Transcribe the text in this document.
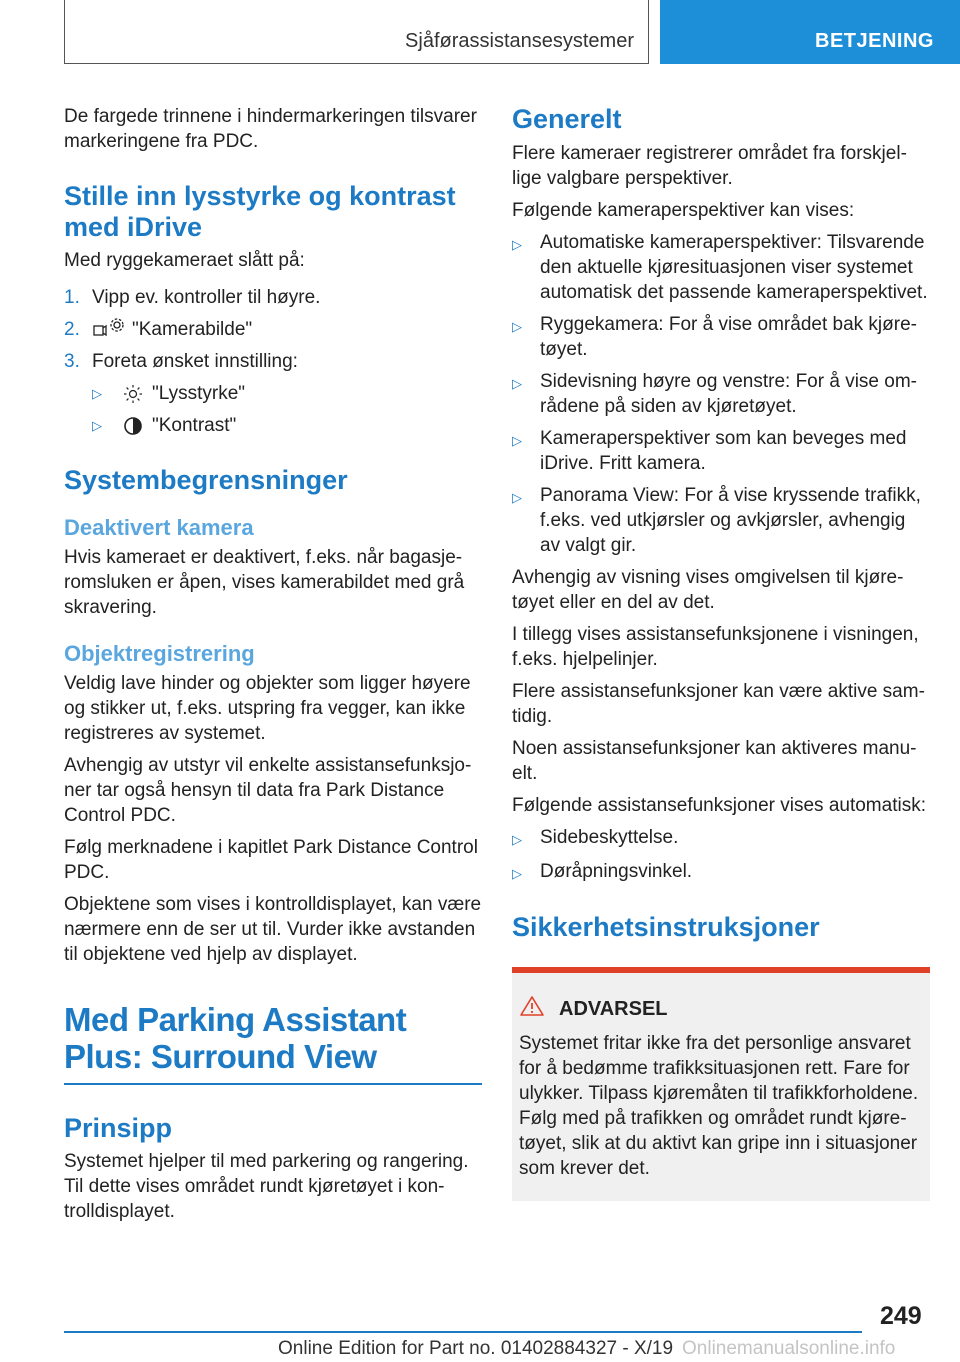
Sjåførassistansesystemer	BETJENING

De fargede trinnene i hindermarkeringen tilsvarer markeringene fra PDC.

Stille inn lysstyrke og kontrast med iDrive

Med ryggekameraet slått på:

1. Vipp ev. kontroller til høyre.
2.	"Kamerabilde"
3. Foreta ønsket innstilling:
▷	"Lysstyrke"
▷	"Kontrast"
Systembegrensninger
Deaktivert kamera

Hvis kameraet er deaktivert, f.eks. når bagasjeromsluken er åpen, vises kamerabildet med grå skravering.

Objektregistrering

Veldig lave hinder og objekter som ligger høyere og stikker ut, f.eks. utspring fra vegger, kan ikke registreres av systemet.

Avhengig av utstyr vil enkelte assistansefunksjoner tar også hensyn til data fra Park Distance Control PDC.

Følg merknadene i kapitlet Park Distance Control PDC.

Objektene som vises i kontrolldisplayet, kan være nærmere enn de ser ut til. Vurder ikke avstanden til objektene ved hjelp av displayet.

Med Parking Assistant Plus: Surround View
Prinsipp

Systemet hjelper til med parkering og rangering. Til dette vises området rundt kjøretøyet i kontrolldisplayet.

Generelt

Flere kameraer registrerer området fra forskjellige valgbare perspektiver.

Følgende kameraperspektiver kan vises:

▷ Automatiske kameraperspektiver: Tilsvarende den aktuelle kjøresituasjonen viser systemet automatisk det passende kameraperspektivet.
▷ Ryggekamera: For å vise området bak kjøretøyet.
▷ Sidevisning høyre og venstre: For å vise områdene på siden av kjøretøyet.
▷ Kameraperspektiver som kan beveges med iDrive. Fritt kamera.
▷ Panorama View: For å vise kryssende trafikk, f.eks. ved utkjørsler og avkjørsler, avhengig av valgt gir.

Avhengig av visning vises omgivelsen til kjøretøyet eller en del av det.

I tillegg vises assistansefunksjonene i visningen, f.eks. hjelpelinjer.

Flere assistansefunksjoner kan være aktive samtidig.

Noen assistansefunksjoner kan aktiveres manuelt.

Følgende assistansefunksjoner vises automatisk:

▷ Sidebeskyttelse.
▷ Døråpningsvinkel.
Sikkerhetsinstruksjoner
ADVARSEL

Systemet fritar ikke fra det personlige ansvaret for å bedømme trafikksituasjonen rett. Fare for ulykker. Tilpass kjøremåten til trafikkforholdene. Følg med på trafikken og området rundt kjøretøyet, slik at du aktivt kan gripe inn i situasjoner som krever det.

249
Online Edition for Part no. 01402884327 - X/19 Onlinemanualsonline.info
